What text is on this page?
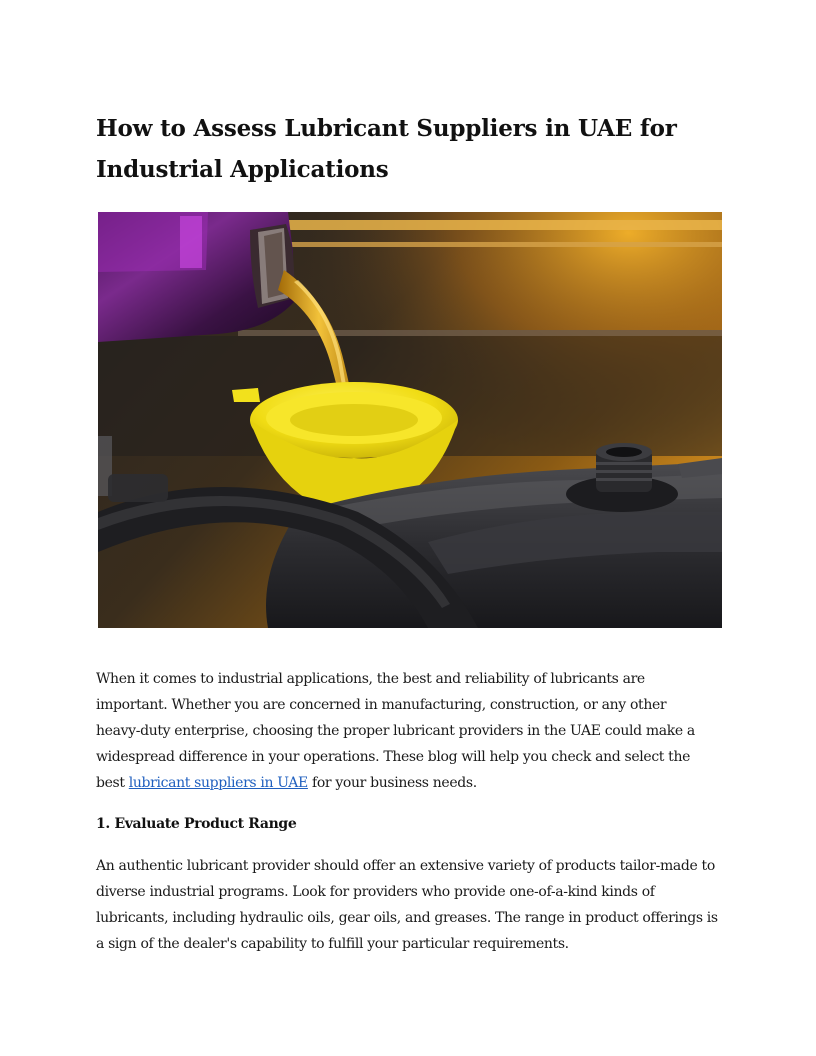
How to Assess Lubricant Suppliers in UAE for
Industrial Applications

When it comes to industrial applications, the best and reliability of lubricants are
important. Whether you are concerned in manufacturing, construction, or any other
heavy-duty enterprise, choosing the proper lubricant providers in the UAE could make a
widespread difference in your operations. These blog will help you check and select the
best lubricant suppliers in UAE for your business needs.

1. Evaluate Product Range

An authentic lubricant provider should offer an extensive variety of products tailor-made to
diverse industrial programs. Look for providers who provide one-of-a-kind kinds of
lubricants, including hydraulic oils, gear oils, and greases. The range in product offerings is
a sign of the dealer's capability to fulfill your particular requirements.
